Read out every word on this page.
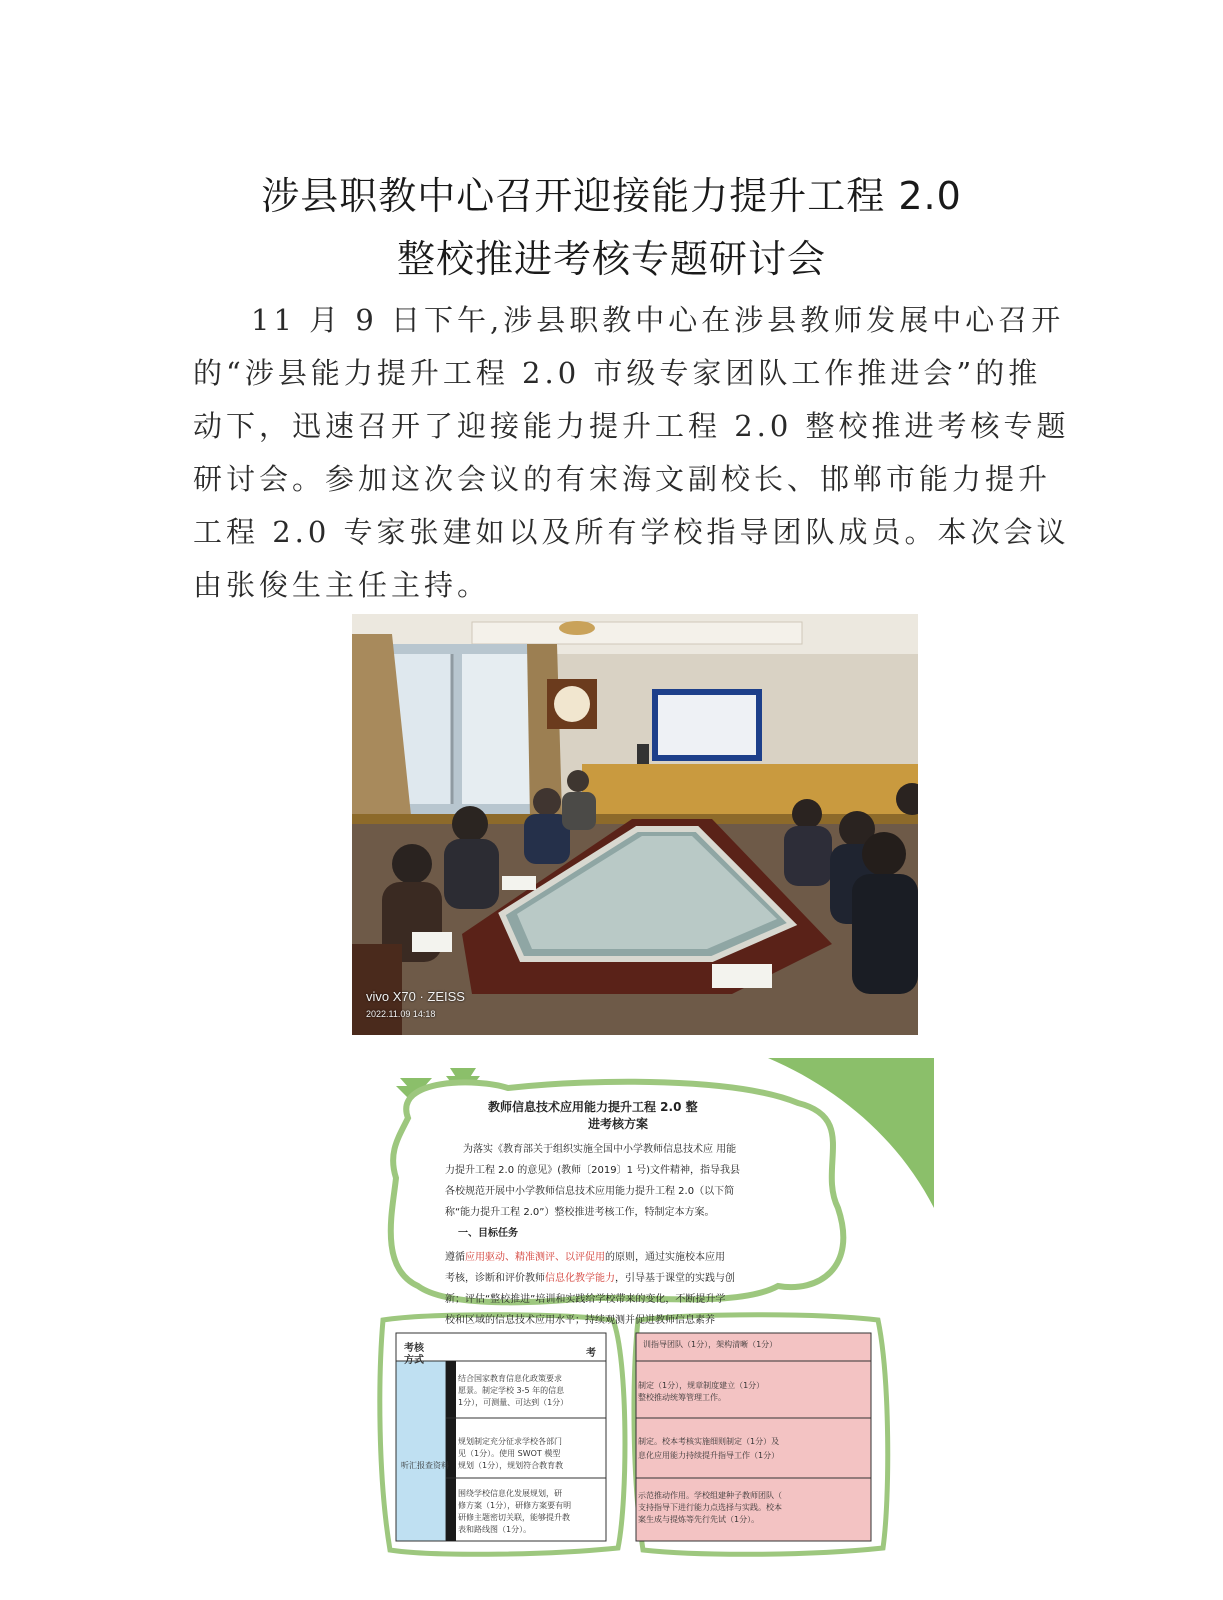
涉县职教中心召开迎接能力提升工程 2.0
整校推进考核专题研讨会

11 月 9 日下午,涉县职教中心在涉县教师发展中心召开的“涉县能力提升工程 2.0 市级专家团队工作推进会”的推动下，迅速召开了迎接能力提升工程 2.0 整校推进考核专题研讨会。参加这次会议的有宋海文副校长、邯郸市能力提升工程 2.0 专家张建如以及所有学校指导团队成员。本次会议由张俊生主任主持。

vivo X70 · ZEISS
2022.11.09 14:18
教师信息技术应用能力提升工程 2.0 整
进考核方案
为落实《教育部关于组织实施全国中小学教师信息技术应 用能
力提升工程 2.0 的意见》(教师〔2019〕1 号)文件精神，指导我县
各校规范开展中小学教师信息技术应用能力提升工程 2.0（以下简
称“能力提升工程 2.0”）整校推进考核工作，特制定本方案。
一、目标任务
遵循应用驱动、精准测评、以评促用的原则，通过实施校本应用
考核，诊断和评价教师信息化教学能力，引导基于课堂的实践与创
新；评估“整校推进”培训和实践给学校带来的变化，不断提升学
校和区域的信息技术应用水平；持续观测并促进教师信息素养
考核
方式
考
听汇报查资料
结合国家教育信息化政策要求
愿景。制定学校 3-5 年的信息
1分），可测量、可达到（1分）
规划制定充分征求学校各部门
见（1分）。使用 SWOT 模型
规划（1分），规划符合教育教
围绕学校信息化发展规划，研
修方案（1分），研修方案要有明
研修主题密切关联，能够提升教
表和路线图（1分）。
训指导团队（1分），架构清晰（1分）
制定（1分），规章制度建立（1分）
整校推动统筹管理工作。
制定。校本考核实施细则制定（1分）及
息化应用能力持续提升指导工作（1分）
示范推动作用。学校组建种子教师团队（
支持指导下进行能力点选择与实践。校本
案生成与提炼等先行先试（1分）。
